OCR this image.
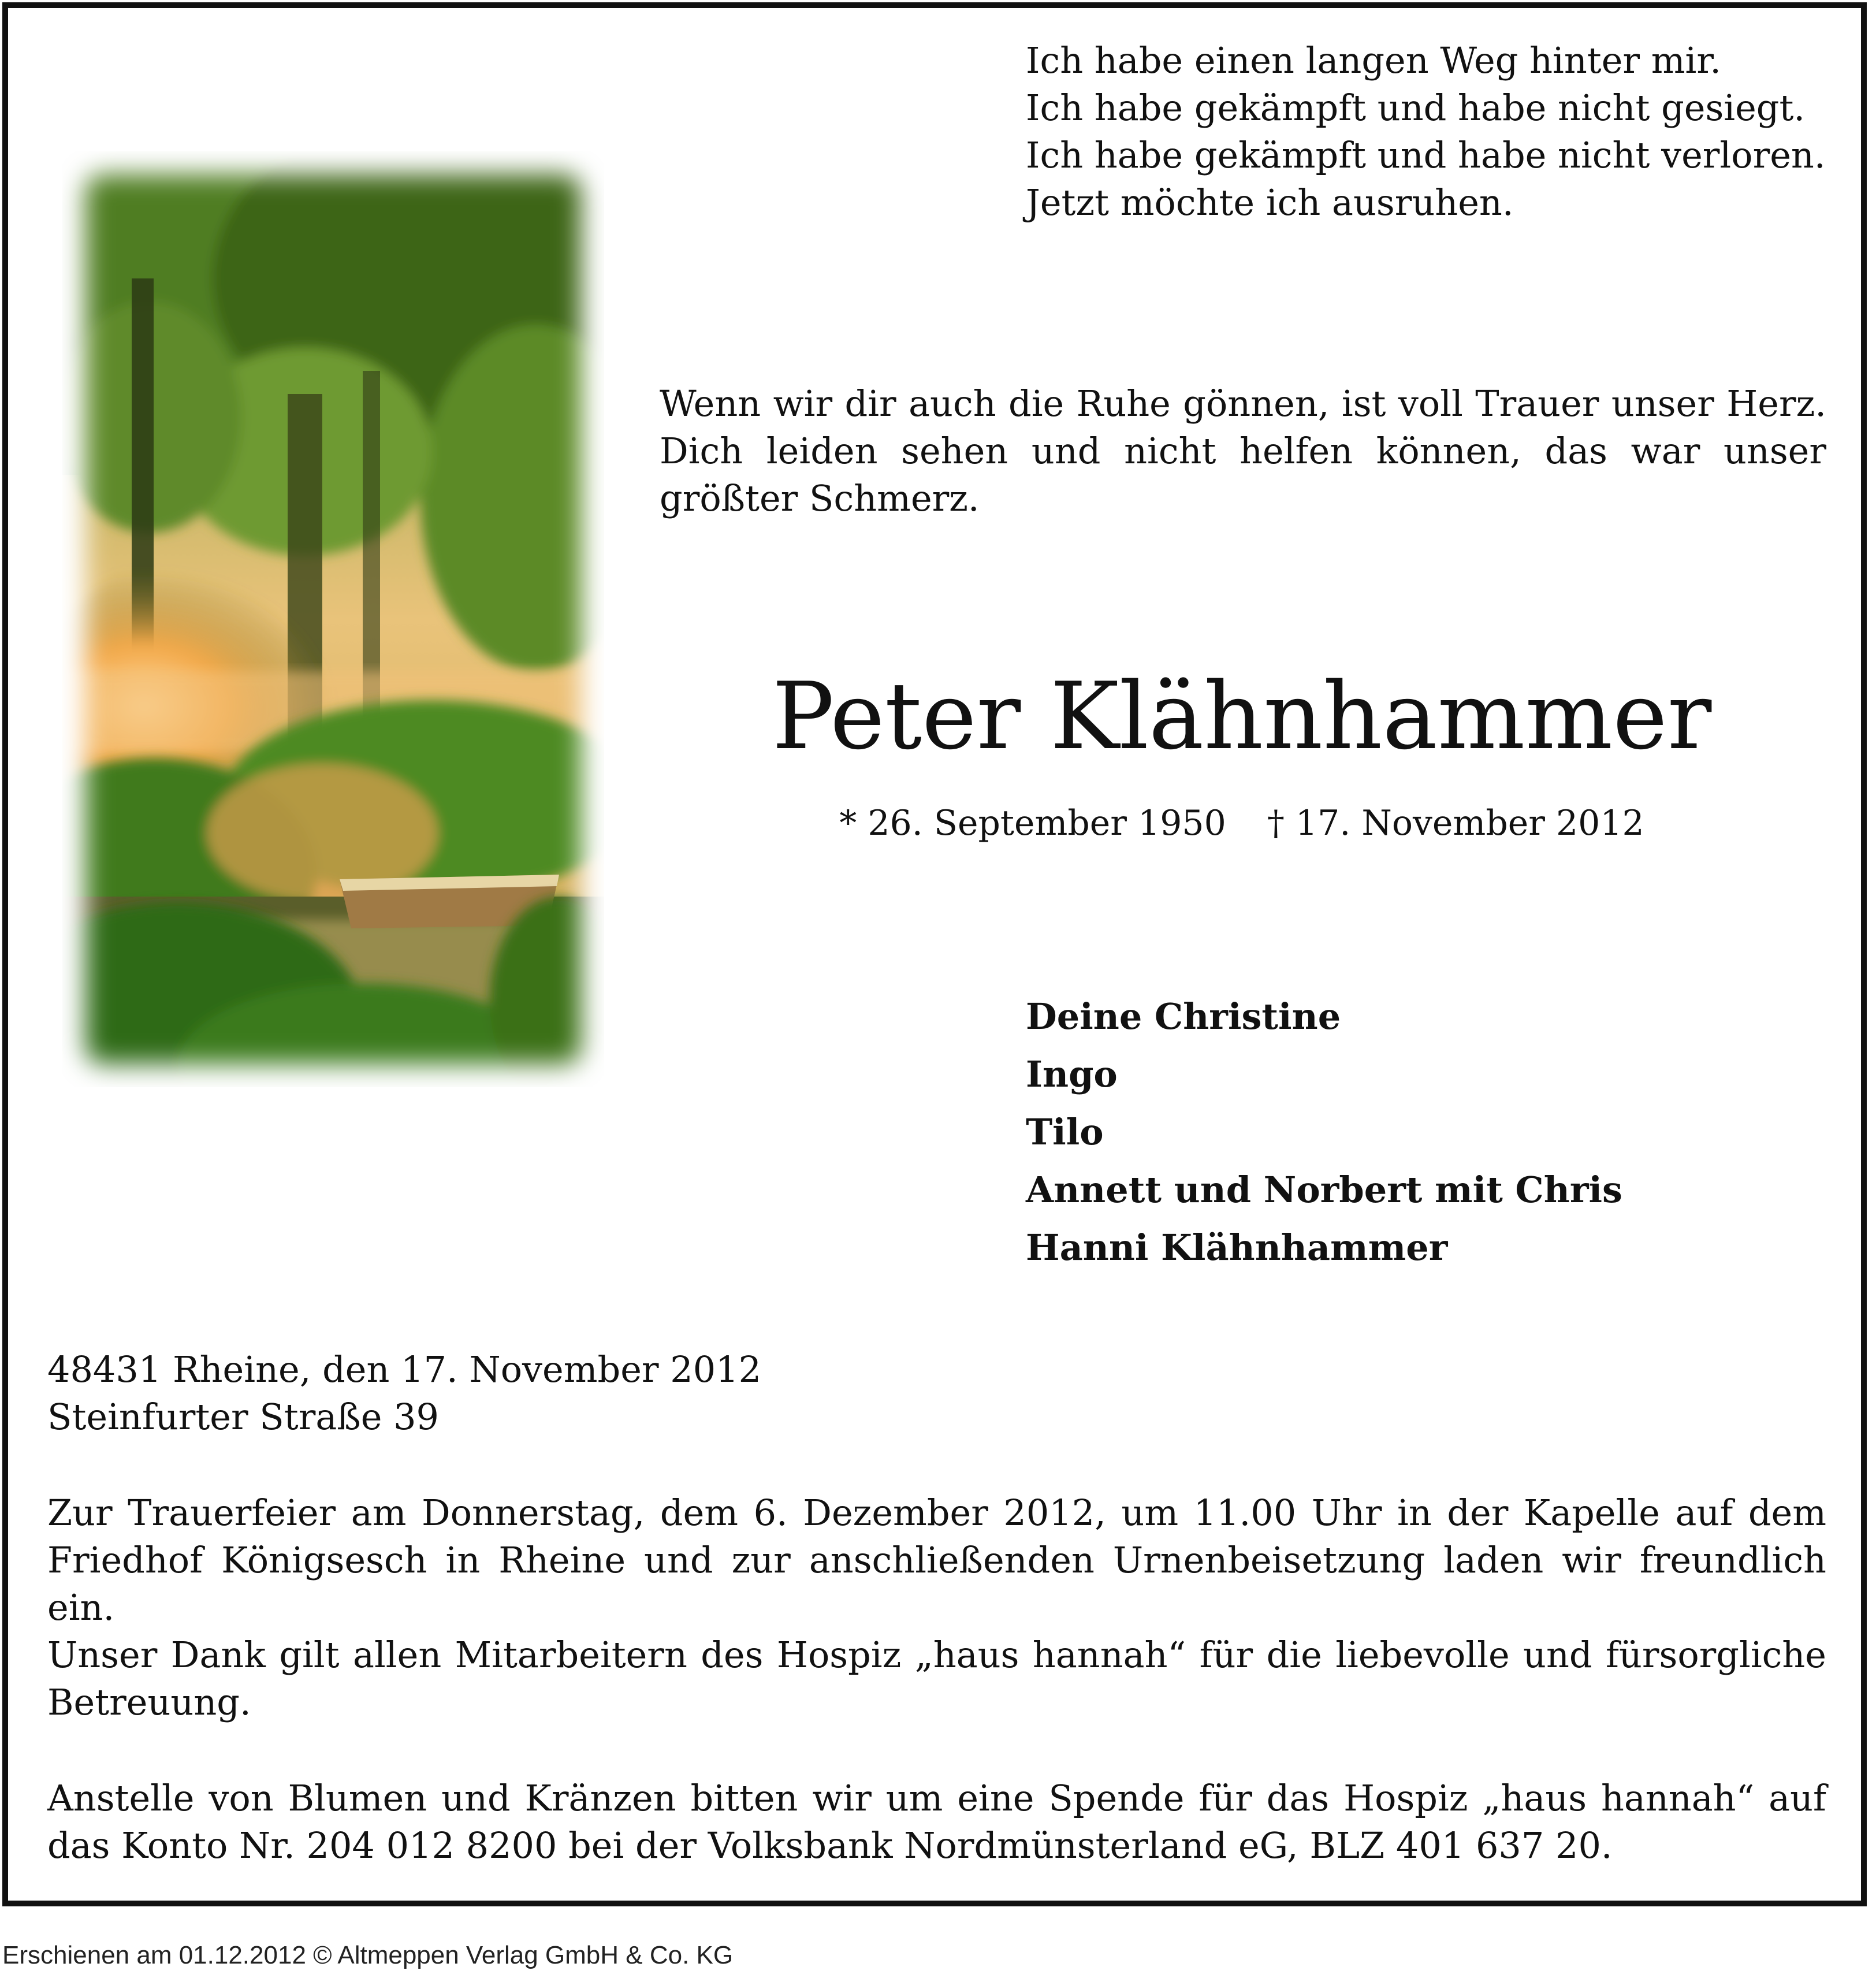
Ich habe einen langen Weg hinter mir.
Ich habe gekämpft und habe nicht gesiegt.
Ich habe gekämpft und habe nicht verloren.
Jetzt möchte ich ausruhen.

Wenn wir dir auch die Ruhe gönnen, ist voll Trauer unser Herz. Dich leiden sehen und nicht helfen können, das war unser größter Schmerz.

Peter Klähnhammer
* 26. September 1950 † 17. November 2012
Deine Christine
Ingo
Tilo
Annett und Norbert mit Chris
Hanni Klähnhammer
48431 Rheine, den 17. November 2012
Steinfurter Straße 39

Zur Trauerfeier am Donnerstag, dem 6. Dezember 2012, um 11.00 Uhr in der Kapelle auf dem Friedhof Königsesch in Rheine und zur anschließenden Urnenbeisetzung laden wir freundlich ein.

Unser Dank gilt allen Mitarbeitern des Hospiz „haus hannah“ für die liebevolle und fürsorgliche Betreuung.

Anstelle von Blumen und Kränzen bitten wir um eine Spende für das Hospiz „haus hannah“ auf das Konto Nr. 204 012 8200 bei der Volksbank Nordmünsterland eG, BLZ 401 637 20.

Erschienen am 01.12.2012 © Altmeppen Verlag GmbH & Co. KG
